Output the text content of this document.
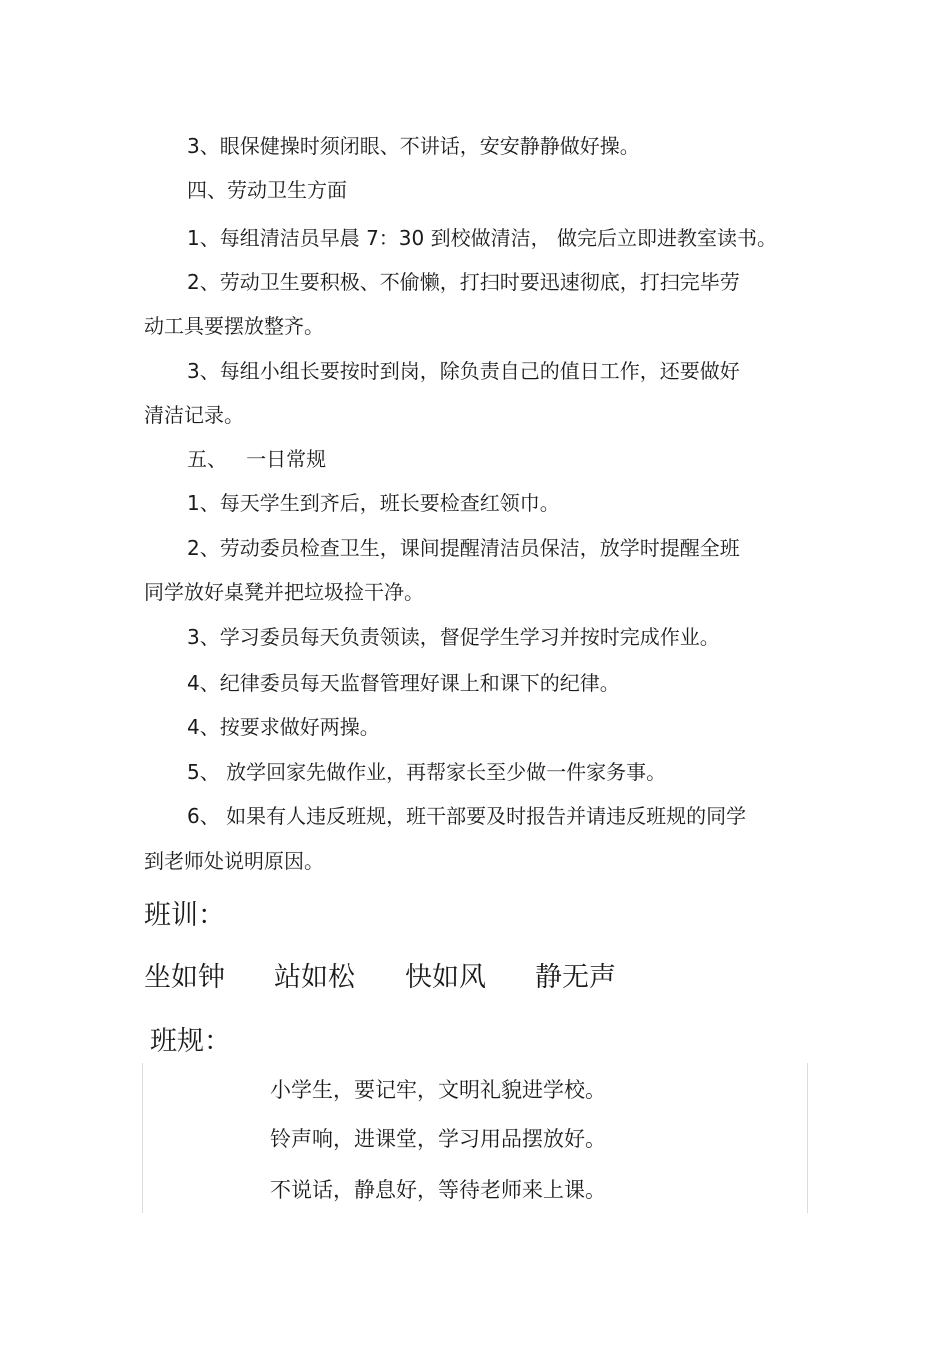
3、眼保健操时须闭眼、不讲话，安安静静做好操。
四、劳动卫生方面
1、每组清洁员早晨 7：30 到校做清洁， 做完后立即进教室读书。
2、劳动卫生要积极、不偷懒，打扫时要迅速彻底，打扫完毕劳
动工具要摆放整齐。
3、每组小组长要按时到岗，除负责自己的值日工作，还要做好
清洁记录。
五、   一日常规
1、每天学生到齐后，班长要检查红领巾。
2、劳动委员检查卫生，课间提醒清洁员保洁，放学时提醒全班
同学放好桌凳并把垃圾捡干净。
3、学习委员每天负责领读，督促学生学习并按时完成作业。
4、纪律委员每天监督管理好课上和课下的纪律。
4、按要求做好两操。
5、 放学回家先做作业，再帮家长至少做一件家务事。
6、 如果有人违反班规，班干部要及时报告并请违反班规的同学
到老师处说明原因。
班训：
坐如钟 站如松 快如风 静无声
班规：
小学生，要记牢，文明礼貌进学校。
铃声响，进课堂，学习用品摆放好。
不说话，静息好，等待老师来上课。
